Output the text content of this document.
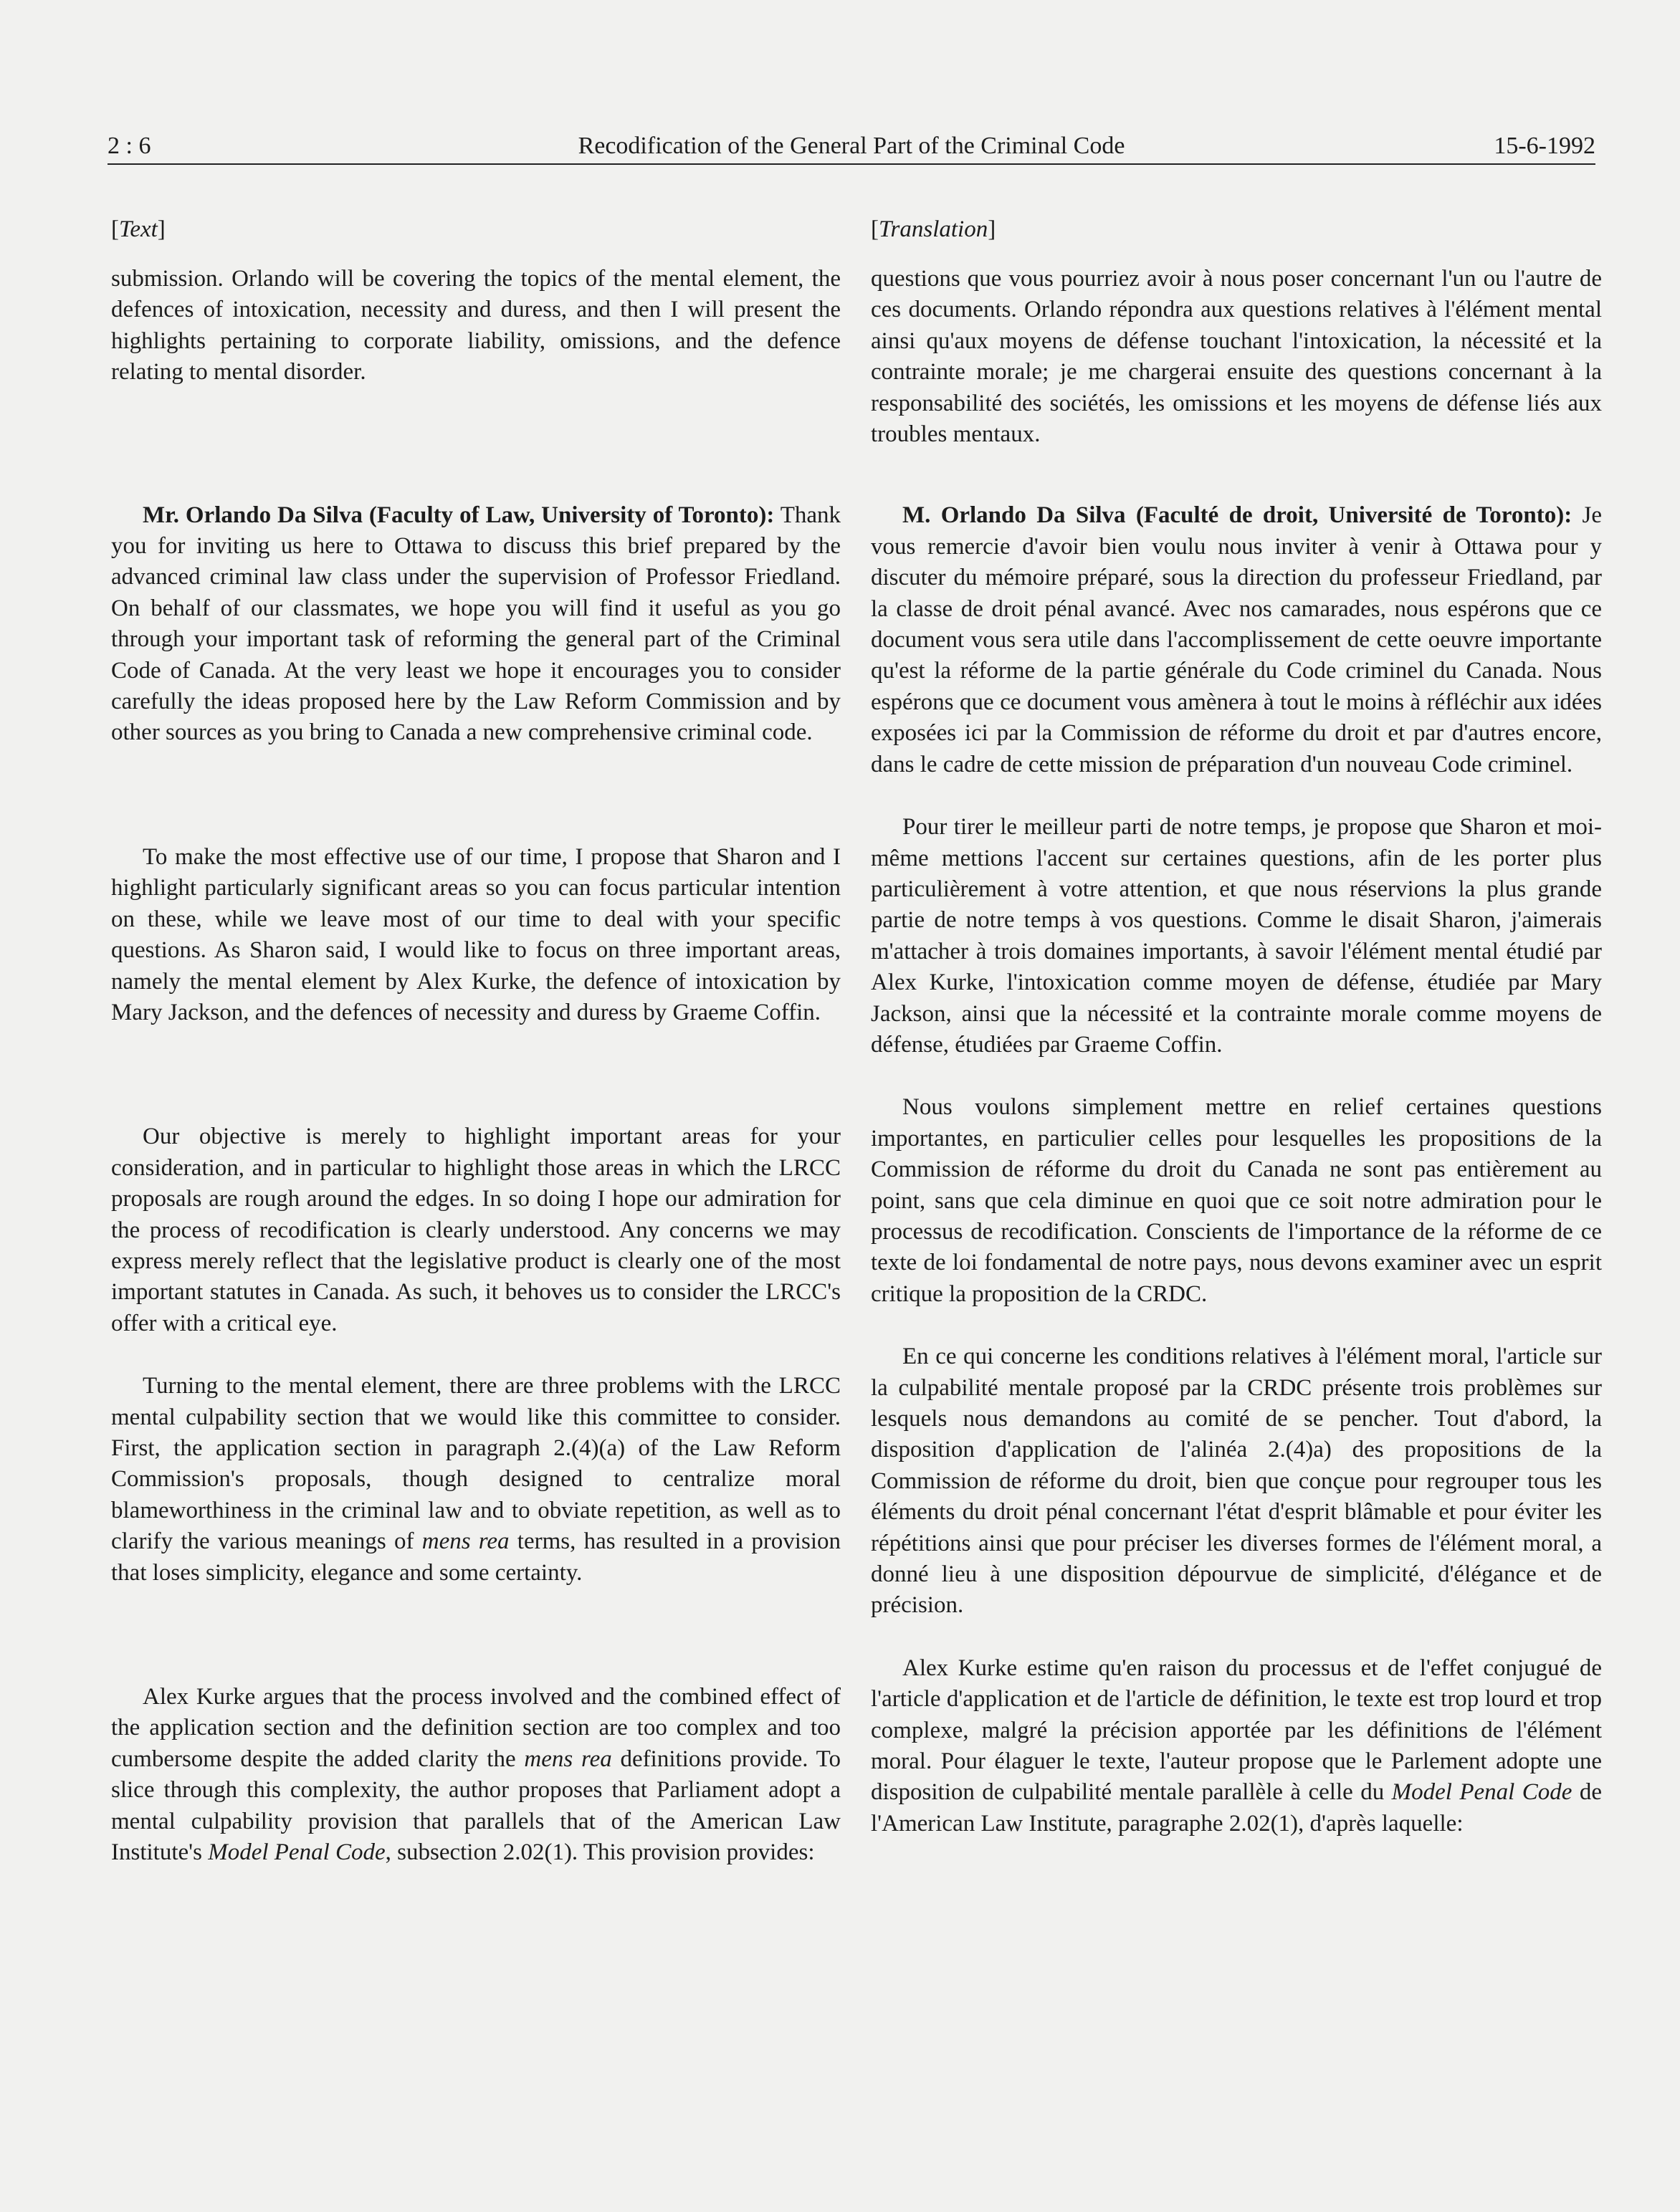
2 : 6	Recodification of the General Part of the Criminal Code	15-6-1992
[Text]

submission. Orlando will be covering the topics of the mental element, the defences of intoxication, necessity and duress, and then I will present the highlights pertaining to corporate liability, omissions, and the defence relating to mental disorder.

Mr. Orlando Da Silva (Faculty of Law, University of Toronto): Thank you for inviting us here to Ottawa to discuss this brief prepared by the advanced criminal law class under the supervision of Professor Friedland. On behalf of our classmates, we hope you will find it useful as you go through your important task of reforming the general part of the Criminal Code of Canada. At the very least we hope it encourages you to consider carefully the ideas proposed here by the Law Reform Commission and by other sources as you bring to Canada a new comprehensive criminal code.

To make the most effective use of our time, I propose that Sharon and I highlight particularly significant areas so you can focus particular intention on these, while we leave most of our time to deal with your specific questions. As Sharon said, I would like to focus on three important areas, namely the mental element by Alex Kurke, the defence of intoxication by Mary Jackson, and the defences of necessity and duress by Graeme Coffin.

Our objective is merely to highlight important areas for your consideration, and in particular to highlight those areas in which the LRCC proposals are rough around the edges. In so doing I hope our admiration for the process of recodification is clearly understood. Any concerns we may express merely reflect that the legislative product is clearly one of the most important statutes in Canada. As such, it behoves us to consider the LRCC's offer with a critical eye.

Turning to the mental element, there are three problems with the LRCC mental culpability section that we would like this committee to consider. First, the application section in paragraph 2.(4)(a) of the Law Reform Commission's proposals, though designed to centralize moral blameworthiness in the criminal law and to obviate repetition, as well as to clarify the various meanings of mens rea terms, has resulted in a provision that loses simplicity, elegance and some certainty.

Alex Kurke argues that the process involved and the combined effect of the application section and the definition section are too complex and too cumbersome despite the added clarity the mens rea definitions provide. To slice through this complexity, the author proposes that Parliament adopt a mental culpability provision that parallels that of the American Law Institute's Model Penal Code, subsection 2.02(1). This provision provides:

[Translation]

questions que vous pourriez avoir à nous poser concernant l'un ou l'autre de ces documents. Orlando répondra aux questions relatives à l'élément mental ainsi qu'aux moyens de défense touchant l'intoxication, la nécessité et la contrainte morale; je me chargerai ensuite des questions concernant à la responsabilité des sociétés, les omissions et les moyens de défense liés aux troubles mentaux.

M. Orlando Da Silva (Faculté de droit, Université de Toronto): Je vous remercie d'avoir bien voulu nous inviter à venir à Ottawa pour y discuter du mémoire préparé, sous la direction du professeur Friedland, par la classe de droit pénal avancé. Avec nos camarades, nous espérons que ce document vous sera utile dans l'accomplissement de cette oeuvre importante qu'est la réforme de la partie générale du Code criminel du Canada. Nous espérons que ce document vous amènera à tout le moins à réfléchir aux idées exposées ici par la Commission de réforme du droit et par d'autres encore, dans le cadre de cette mission de préparation d'un nouveau Code criminel.

Pour tirer le meilleur parti de notre temps, je propose que Sharon et moi-même mettions l'accent sur certaines questions, afin de les porter plus particulièrement à votre attention, et que nous réservions la plus grande partie de notre temps à vos questions. Comme le disait Sharon, j'aimerais m'attacher à trois domaines importants, à savoir l'élément mental étudié par Alex Kurke, l'intoxication comme moyen de défense, étudiée par Mary Jackson, ainsi que la nécessité et la contrainte morale comme moyens de défense, étudiées par Graeme Coffin.

Nous voulons simplement mettre en relief certaines questions importantes, en particulier celles pour lesquelles les propositions de la Commission de réforme du droit du Canada ne sont pas entièrement au point, sans que cela diminue en quoi que ce soit notre admiration pour le processus de recodification. Conscients de l'importance de la réforme de ce texte de loi fondamental de notre pays, nous devons examiner avec un esprit critique la proposition de la CRDC.

En ce qui concerne les conditions relatives à l'élément moral, l'article sur la culpabilité mentale proposé par la CRDC présente trois problèmes sur lesquels nous demandons au comité de se pencher. Tout d'abord, la disposition d'application de l'alinéa 2.(4)a) des propositions de la Commission de réforme du droit, bien que conçue pour regrouper tous les éléments du droit pénal concernant l'état d'esprit blâmable et pour éviter les répétitions ainsi que pour préciser les diverses formes de l'élément moral, a donné lieu à une disposition dépourvue de simplicité, d'élégance et de précision.

Alex Kurke estime qu'en raison du processus et de l'effet conjugué de l'article d'application et de l'article de définition, le texte est trop lourd et trop complexe, malgré la précision apportée par les définitions de l'élément moral. Pour élaguer le texte, l'auteur propose que le Parlement adopte une disposition de culpabilité mentale parallèle à celle du Model Penal Code de l'American Law Institute, paragraphe 2.02(1), d'après laquelle:
